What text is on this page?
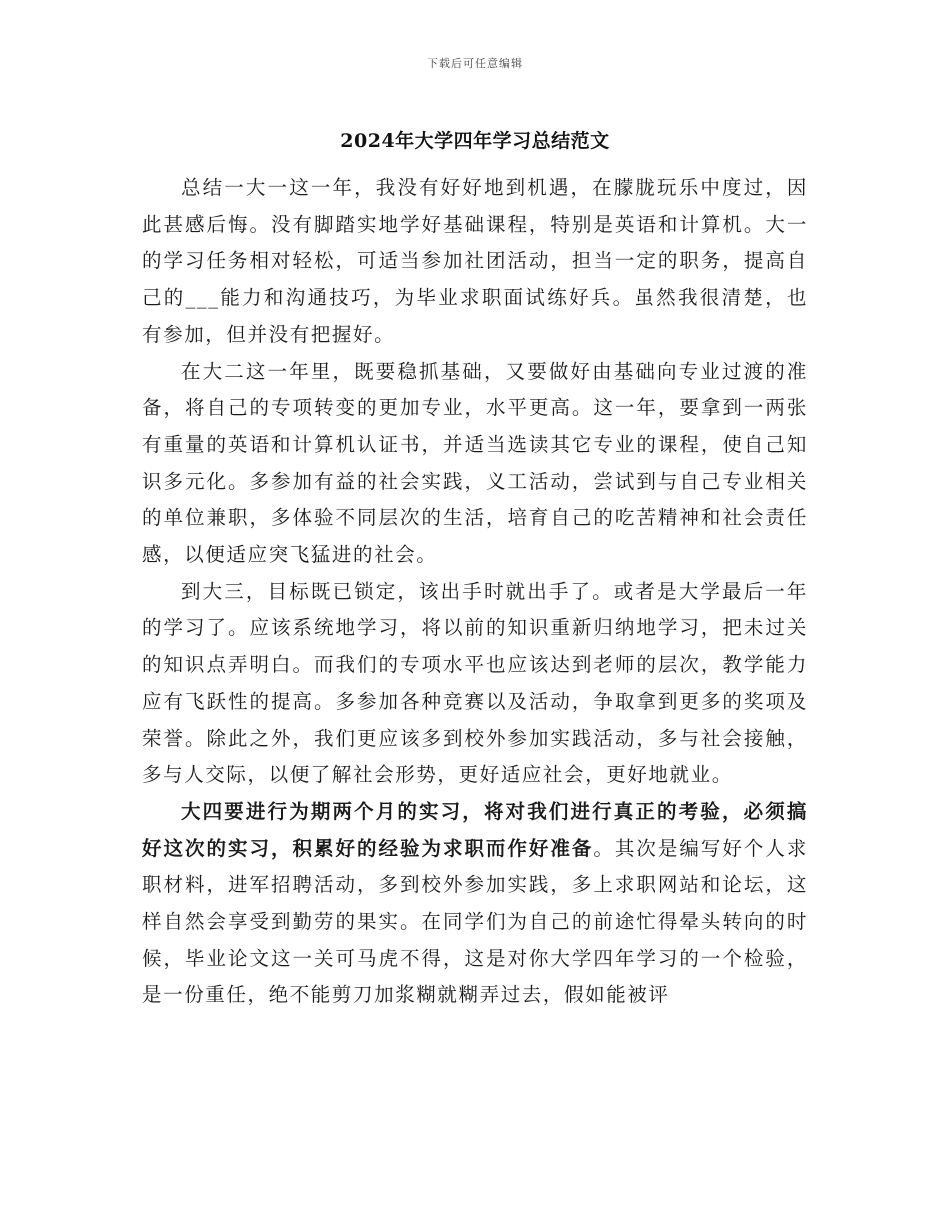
下载后可任意编辑
2024年大学四年学习总结范文

总结一大一这一年，我没有好好地到机遇，在朦胧玩乐中度过，因此甚感后悔。没有脚踏实地学好基础课程，特别是英语和计算机。大一的学习任务相对轻松，可适当参加社团活动，担当一定的职务，提高自己的___能力和沟通技巧，为毕业求职面试练好兵。虽然我很清楚，也有参加，但并没有把握好。

在大二这一年里，既要稳抓基础，又要做好由基础向专业过渡的准备，将自己的专项转变的更加专业，水平更高。这一年，要拿到一两张有重量的英语和计算机认证书，并适当选读其它专业的课程，使自己知识多元化。多参加有益的社会实践，义工活动，尝试到与自己专业相关的单位兼职，多体验不同层次的生活，培育自己的吃苦精神和社会责任感，以便适应突飞猛进的社会。

到大三，目标既已锁定，该出手时就出手了。或者是大学最后一年的学习了。应该系统地学习，将以前的知识重新归纳地学习，把未过关的知识点弄明白。而我们的专项水平也应该达到老师的层次，教学能力应有飞跃性的提高。多参加各种竞赛以及活动，争取拿到更多的奖项及荣誉。除此之外，我们更应该多到校外参加实践活动，多与社会接触，多与人交际，以便了解社会形势，更好适应社会，更好地就业。

大四要进行为期两个月的实习，将对我们进行真正的考验，必须搞好这次的实习，积累好的经验为求职而作好准备。其次是编写好个人求职材料，进军招聘活动，多到校外参加实践，多上求职网站和论坛，这样自然会享受到勤劳的果实。在同学们为自己的前途忙得晕头转向的时候，毕业论文这一关可马虎不得，这是对你大学四年学习的一个检验，是一份重任，绝不能剪刀加浆糊就糊弄过去，假如能被评
